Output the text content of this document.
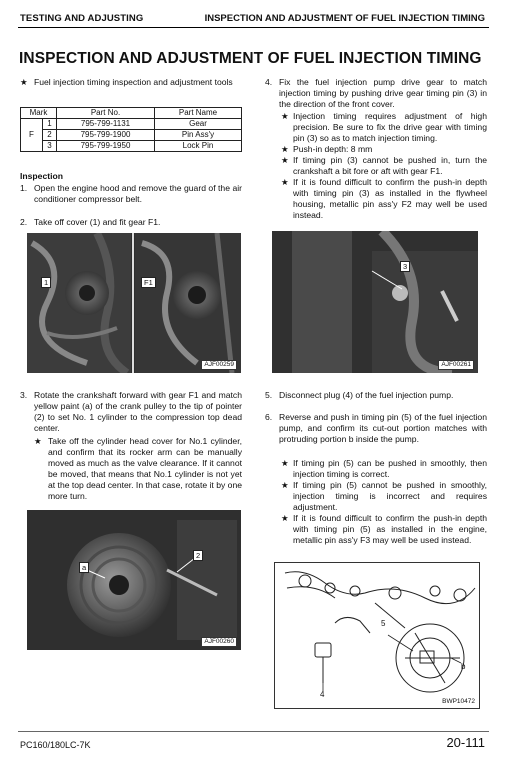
TESTING AND ADJUSTING	INSPECTION AND ADJUSTMENT OF FUEL INJECTION TIMING
INSPECTION AND ADJUSTMENT OF FUEL INJECTION TIMING
★ Fuel injection timing inspection and adjustment tools
Mark		Part No.	Part Name
F	1	795-799-1131	Gear
	2	795-799-1900	Pin Ass'y
	3	795-799-1950	Lock Pin
Inspection
1. Open the engine hood and remove the guard of the air conditioner compressor belt.
2. Take off cover (1) and fit gear F1.
1	F1
AJF00259
3. Rotate the crankshaft forward with gear F1 and match yellow paint (a) of the crank pulley to the tip of pointer (2) to set No. 1 cylinder to the compression top dead center.
★ Take off the cylinder head cover for No.1 cylinder, and confirm that its rocker arm can be manually moved as much as the valve clearance. If it cannot be moved, that means that No.1 cylinder is not yet at the top dead center. In that case, rotate it by one more turn.
a
2
AJF00260
4. Fix the fuel injection pump drive gear to match injection timing by pushing drive gear timing pin (3) in the direction of the front cover.
★ Injection timing requires adjustment of high precision. Be sure to fix the drive gear with timing pin (3) so as to match injection timing.
★ Push-in depth: 8 mm
★ If timing pin (3) cannot be pushed in, turn the crankshaft a bit fore or aft with gear F1.
★ If it is found difficult to confirm the push-in depth with timing pin (3) as installed in the flywheel housing, metallic pin ass'y F2 may well be used instead.
3
AJF00261
5. Disconnect plug (4) of the fuel injection pump.
6. Reverse and push in timing pin (5) of the fuel injection pump, and confirm its cut-out portion matches with protruding portion b inside the pump.
★ If timing pin (5) can be pushed in smoothly, then injection timing is correct.
★ If timing pin (5) cannot be pushed in smoothly, injection timing is incorrect and requires adjustment.
★ If it is found difficult to confirm the push-in depth with timing pin (5) as installed in the engine, metallic pin ass'y F3 may well be used instead.
5
b
4
BWP10472
PC160/180LC-7K	20-111
